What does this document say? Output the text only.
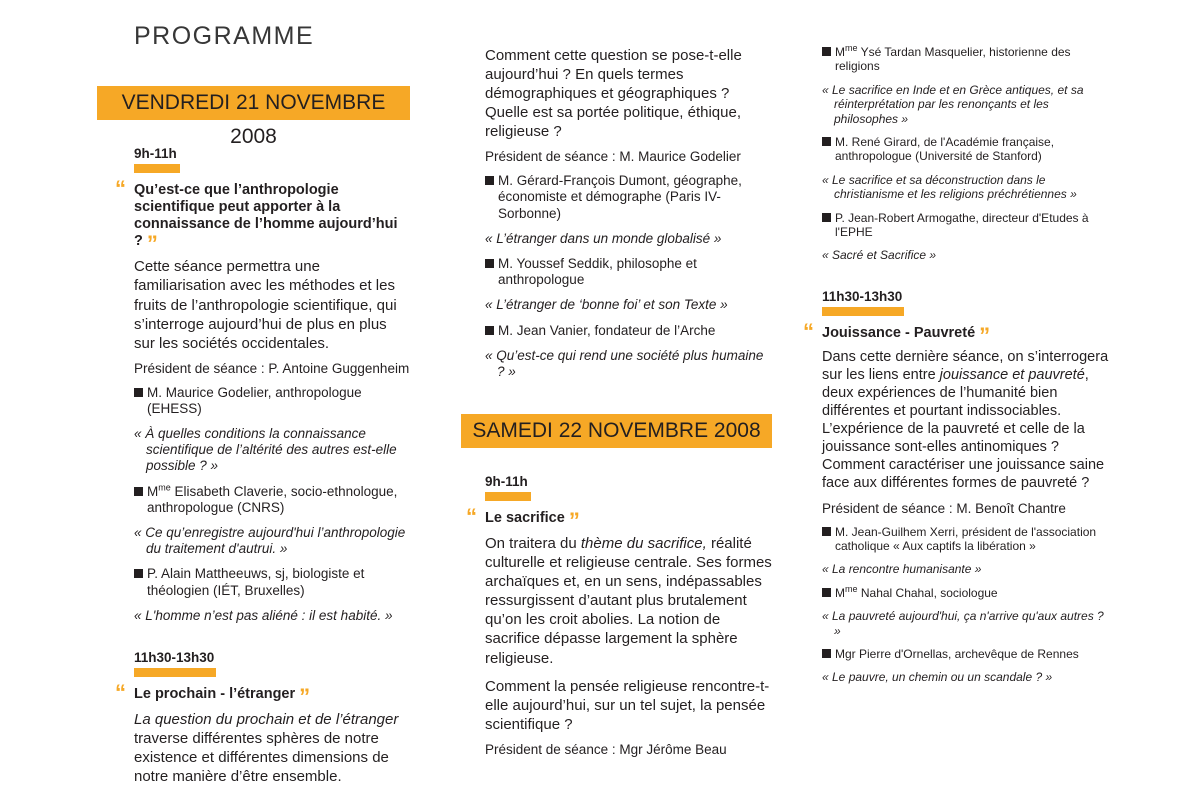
PROGRAMME
VENDREDI 21 NOVEMBRE 2008
9h-11h
“ Qu’est-ce que l’anthropologie scientifique peut apporter à la connaissance de l’homme aujourd’hui ? ”

Cette séance permettra une familiarisation avec les méthodes et les fruits de l’anthropologie scientifique, qui s’interroge aujourd’hui de plus en plus sur les sociétés occidentales.

Président de séance : P. Antoine Guggenheim

M. Maurice Godelier, anthropologue (EHESS)

« À quelles conditions la connaissance scientifique de l’altérité des autres est-elle possible ? »

$M^{me}$ Elisabeth Claverie, socio-ethnologue, anthropologue (CNRS)

« Ce qu’enregistre aujourd'hui l’anthropologie du traitement d'autrui. »

P. Alain Mattheeuws, sj, biologiste et théologien (IÉT, Bruxelles)

« L'homme n’est pas aliéné : il est habité. »

11h30-13h30
“ Le prochain - l’étranger ”

La question du prochain et de l’étranger traverse différentes sphères de notre existence et différentes dimensions de notre manière d’être ensemble.

Comment cette question se pose-t-elle aujourd’hui ? En quels termes démographiques et géographiques ? Quelle est sa portée politique, éthique, religieuse ?

Président de séance : M. Maurice Godelier

M. Gérard-François Dumont, géographe, économiste et démographe (Paris IV-Sorbonne)

« L’étranger dans un monde globalisé »

M. Youssef Seddik, philosophe et anthropologue

« L’étranger de ‘bonne foi’ et son Texte »

M. Jean Vanier, fondateur de l’Arche

« Qu’est-ce qui rend une société plus humaine ? »

SAMEDI 22 NOVEMBRE 2008
9h-11h
“ Le sacrifice ”

On traitera du thème du sacrifice, réalité culturelle et religieuse centrale. Ses formes archaïques et, en un sens, indépassables ressurgissent d’autant plus brutalement qu’on les croit abolies. La notion de sacrifice dépasse largement la sphère religieuse.

Comment la pensée religieuse rencontre-t-elle aujourd’hui, sur un tel sujet, la pensée scientifique ?

Président de séance : Mgr Jérôme Beau

$M^{me}$ Ysé Tardan Masquelier, historienne des religions

« Le sacrifice en Inde et en Grèce antiques, et sa réinterprétation par les renonçants et les philosophes »

M. René Girard, de l'Académie française, anthropologue (Université de Stanford)

« Le sacrifice et sa déconstruction dans le christianisme et les religions préchrétiennes »

P. Jean-Robert Armogathe, directeur d'Etudes à l'EPHE

« Sacré et Sacrifice »

11h30-13h30
“ Jouissance - Pauvreté ”

Dans cette dernière séance, on s’interrogera sur les liens entre jouissance et pauvreté, deux expériences de l’humanité bien différentes et pourtant indissociables. L’expérience de la pauvreté et celle de la jouissance sont-elles antinomiques ? Comment caractériser une jouissance saine face aux différentes formes de pauvreté ?

Président de séance : M. Benoît Chantre

M. Jean-Guilhem Xerri, président de l'association catholique « Aux captifs la libération »

« La rencontre humanisante »

$M^{me}$ Nahal Chahal, sociologue

« La pauvreté aujourd'hui, ça n'arrive qu'aux autres ? »

Mgr Pierre d'Ornellas, archevêque de Rennes

« Le pauvre, un chemin ou un scandale ? »
